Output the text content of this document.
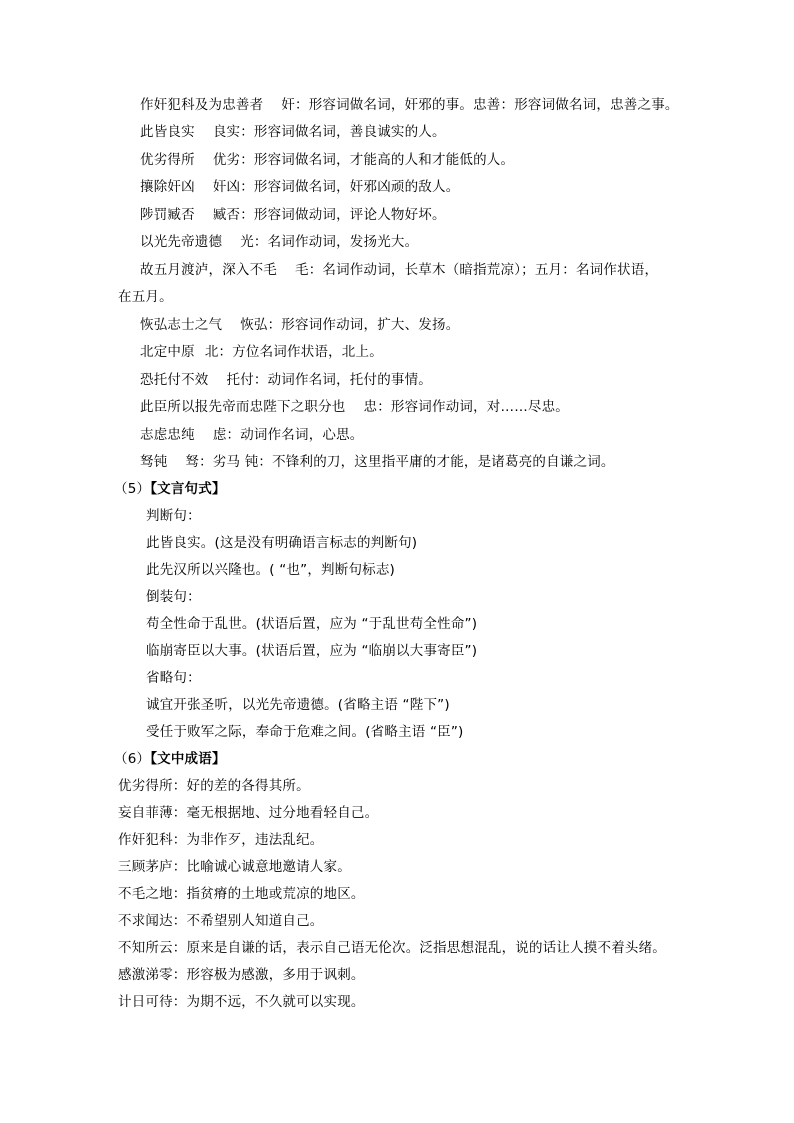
作奸犯科及为忠善者 奸：形容词做名词，奸邪的事。忠善：形容词做名词，忠善之事。
此皆良实 良实：形容词做名词，善良诚实的人。
优劣得所 优劣：形容词做名词，才能高的人和才能低的人。
攘除奸凶 奸凶：形容词做名词，奸邪凶顽的敌人。
陟罚臧否 臧否：形容词做动词，评论人物好坏。
以光先帝遗德 光：名词作动词，发扬光大。
故五月渡泸，深入不毛 毛：名词作动词，长草木（暗指荒凉）；五月：名词作状语，
在五月。
恢弘志士之气 恢弘：形容词作动词，扩大、发扬。
北定中原 北：方位名词作状语，北上。
恐托付不效 托付：动词作名词，托付的事情。
此臣所以报先帝而忠陛下之职分也 忠：形容词作动词，对……尽忠。
志虑忠纯 虑：动词作名词，心思。
驽钝 驽：劣马 钝：不锋利的刀，这里指平庸的才能，是诸葛亮的自谦之词。
（5）【文言句式】
判断句：
此皆良实。(这是没有明确语言标志的判断句)
此先汉所以兴隆也。( “也”，判断句标志)
倒装句：
苟全性命于乱世。(状语后置，应为 “于乱世苟全性命”)
临崩寄臣以大事。(状语后置，应为 “临崩以大事寄臣”)
省略句：
诚宜开张圣听，以光先帝遗德。(省略主语 “陛下”)
受任于败军之际，奉命于危难之间。(省略主语 “臣”)
（6）【文中成语】
优劣得所：好的差的各得其所。
妄自菲薄：毫无根据地、过分地看轻自己。
作奸犯科：为非作歹，违法乱纪。
三顾茅庐：比喻诚心诚意地邀请人家。
不毛之地：指贫瘠的土地或荒凉的地区。
不求闻达：不希望别人知道自己。
不知所云：原来是自谦的话，表示自己语无伦次。泛指思想混乱，说的话让人摸不着头绪。
感激涕零：形容极为感激，多用于讽刺。
计日可待：为期不远，不久就可以实现。
